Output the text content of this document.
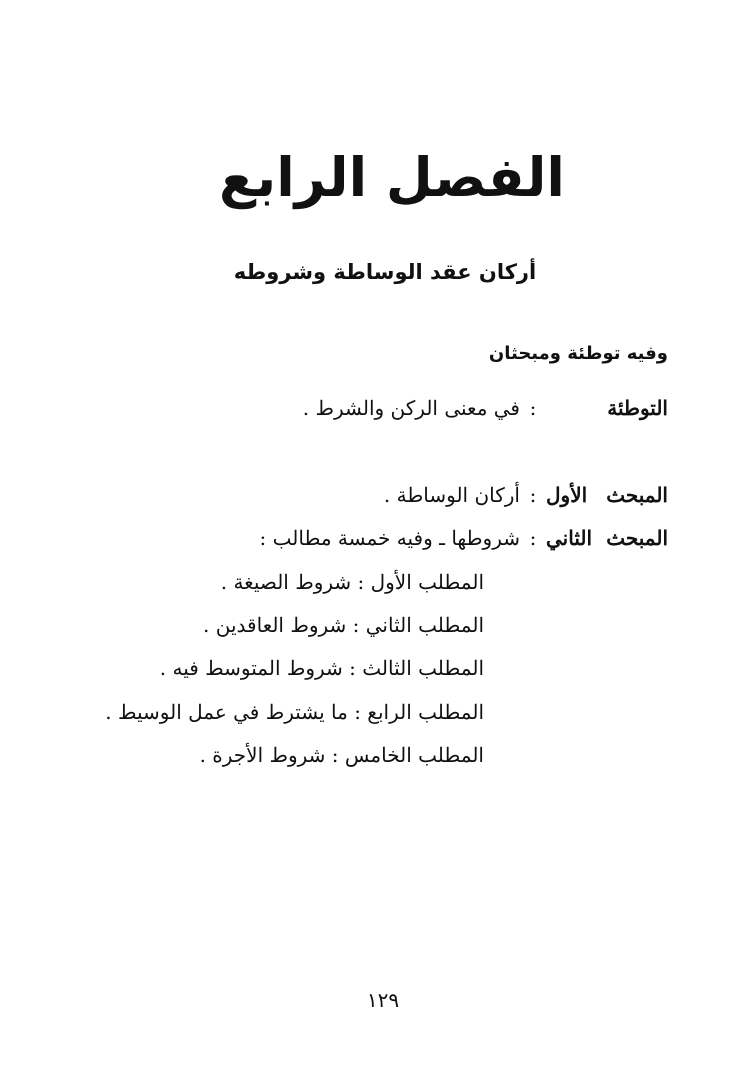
الفصل الرابع
أركان عقد الوساطة وشروطه
وفيه توطئة ومبحثان
التوطئة
:
في معنى الركن والشرط .
المبحث الأول
:
أركان الوساطة .
المبحث الثاني
:
شروطها ـ وفيه خمسة مطالب :
المطلب الأول : شروط الصيغة .
المطلب الثاني : شروط العاقدين .
المطلب الثالث : شروط المتوسط فيه .
المطلب الرابع : ما يشترط في عمل الوسيط .
المطلب الخامس : شروط الأجرة .
١٢٩
